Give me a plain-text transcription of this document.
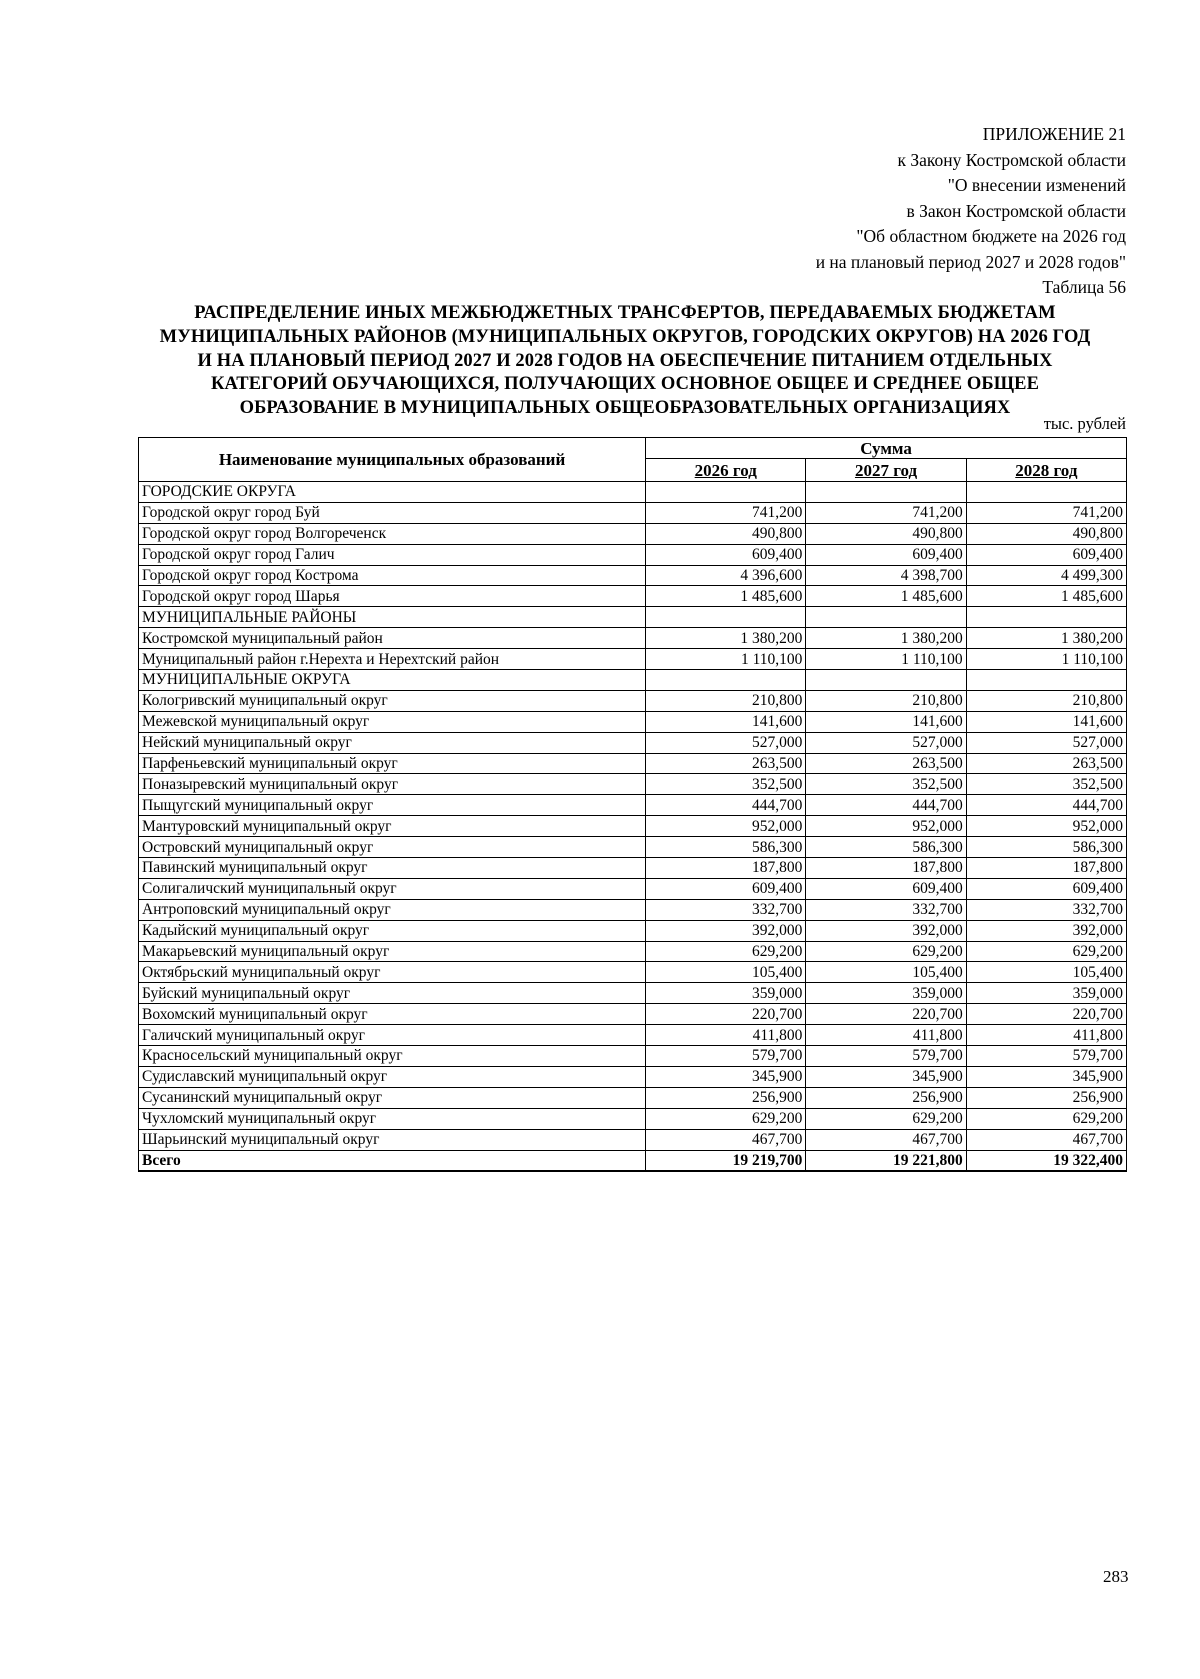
ПРИЛОЖЕНИЕ 21
к Закону Костромской области
"О внесении изменений
в Закон Костромской области
"Об областном бюджете на 2026 год
и на плановый период 2027 и 2028 годов"
Таблица 56
РАСПРЕДЕЛЕНИЕ ИНЫХ МЕЖБЮДЖЕТНЫХ ТРАНСФЕРТОВ, ПЕРЕДАВАЕМЫХ БЮДЖЕТАМ
МУНИЦИПАЛЬНЫХ РАЙОНОВ (МУНИЦИПАЛЬНЫХ ОКРУГОВ, ГОРОДСКИХ ОКРУГОВ) НА 2026 ГОД
И НА ПЛАНОВЫЙ ПЕРИОД 2027 И 2028 ГОДОВ НА ОБЕСПЕЧЕНИЕ ПИТАНИЕМ ОТДЕЛЬНЫХ
КАТЕГОРИЙ ОБУЧАЮЩИХСЯ, ПОЛУЧАЮЩИХ ОСНОВНОЕ ОБЩЕЕ И СРЕДНЕЕ ОБЩЕЕ
ОБРАЗОВАНИЕ В МУНИЦИПАЛЬНЫХ ОБЩЕОБРАЗОВАТЕЛЬНЫХ ОРГАНИЗАЦИЯХ
тыс. рублей
Наименование муниципальных образований	Сумма		
	2026 год	2027 год	2028 год
ГОРОДСКИЕ ОКРУГА			
Городской округ город Буй	741,200	741,200	741,200
Городской округ город Волгореченск	490,800	490,800	490,800
Городской округ город Галич	609,400	609,400	609,400
Городской округ город Кострома	4 396,600	4 398,700	4 499,300
Городской округ город Шарья	1 485,600	1 485,600	1 485,600
МУНИЦИПАЛЬНЫЕ РАЙОНЫ			
Костромской муниципальный район	1 380,200	1 380,200	1 380,200
Муниципальный район г.Нерехта и Нерехтский район	1 110,100	1 110,100	1 110,100
МУНИЦИПАЛЬНЫЕ ОКРУГА			
Кологривский муниципальный округ	210,800	210,800	210,800
Межевской муниципальный округ	141,600	141,600	141,600
Нейский муниципальный округ	527,000	527,000	527,000
Парфеньевский муниципальный округ	263,500	263,500	263,500
Поназыревский муниципальный округ	352,500	352,500	352,500
Пыщугский муниципальный округ	444,700	444,700	444,700
Мантуровский муниципальный округ	952,000	952,000	952,000
Островский муниципальный округ	586,300	586,300	586,300
Павинский муниципальный округ	187,800	187,800	187,800
Солигаличский муниципальный округ	609,400	609,400	609,400
Антроповский муниципальный округ	332,700	332,700	332,700
Кадыйский муниципальный округ	392,000	392,000	392,000
Макарьевский муниципальный округ	629,200	629,200	629,200
Октябрьский муниципальный округ	105,400	105,400	105,400
Буйский муниципальный округ	359,000	359,000	359,000
Вохомский муниципальный округ	220,700	220,700	220,700
Галичский муниципальный округ	411,800	411,800	411,800
Красносельский муниципальный округ	579,700	579,700	579,700
Судиславский муниципальный округ	345,900	345,900	345,900
Сусанинский муниципальный округ	256,900	256,900	256,900
Чухломский муниципальный округ	629,200	629,200	629,200
Шарьинский муниципальный округ	467,700	467,700	467,700
Всего	19 219,700	19 221,800	19 322,400
283
